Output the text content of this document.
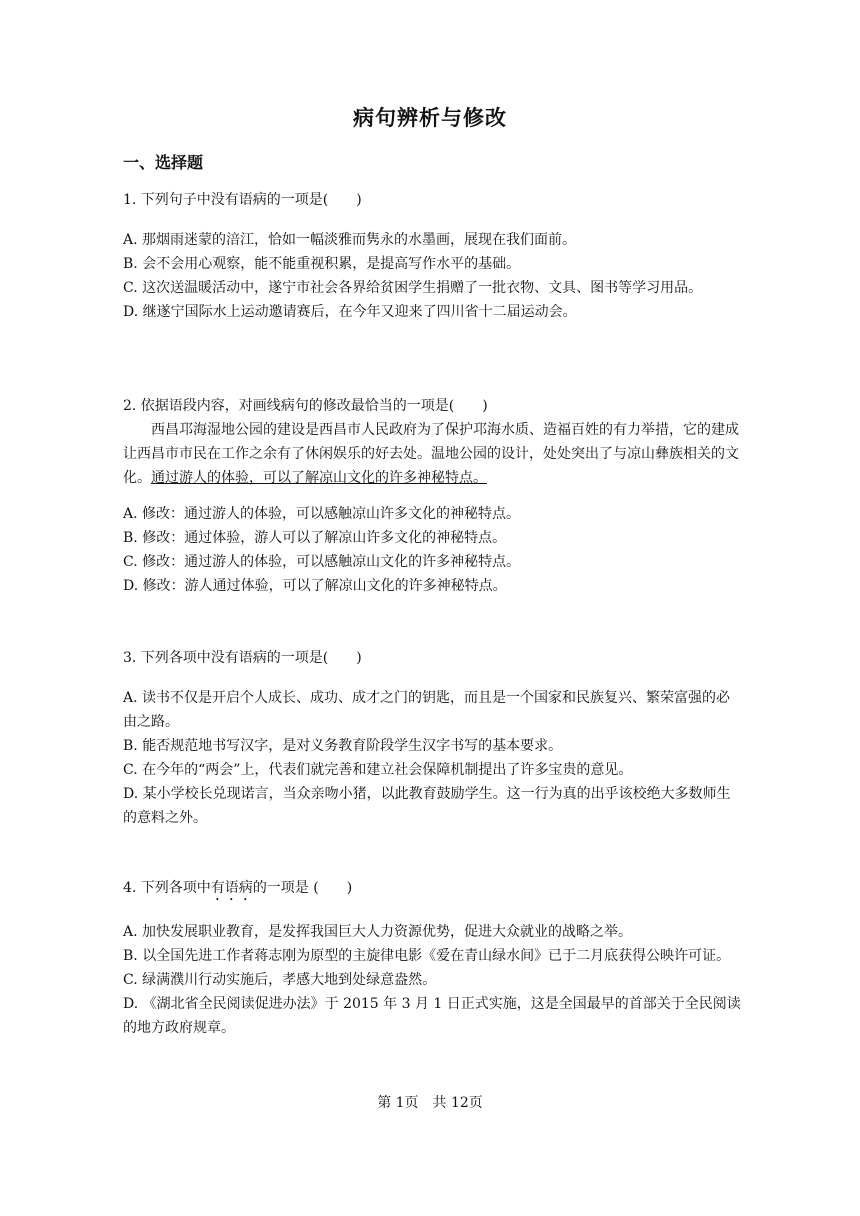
病句辨析与修改
一、选择题

1. 下列句子中没有语病的一项是(　　)

A. 那烟雨迷蒙的涪江，恰如一幅淡雅而隽永的水墨画，展现在我们面前。

B. 会不会用心观察，能不能重视积累，是提高写作水平的基础。

C. 这次送温暖活动中，遂宁市社会各界给贫困学生捐赠了一批衣物、文具、图书等学习用品。

D. 继遂宁国际水上运动邀请赛后，在今年又迎来了四川省十二届运动会。

2. 依据语段内容，对画线病句的修改最恰当的一项是(　　)

西昌邛海湿地公园的建设是西昌市人民政府为了保护邛海水质、造福百姓的有力举措，它的建成让西昌市市民在工作之余有了休闲娱乐的好去处。温地公园的设计，处处突出了与凉山彝族相关的文化。通过游人的体验，可以了解凉山文化的许多神秘特点。

A. 修改：通过游人的体验，可以感触凉山许多文化的神秘特点。

B. 修改：通过体验，游人可以了解凉山许多文化的神秘特点。

C. 修改：通过游人的体验，可以感触凉山文化的许多神秘特点。

D. 修改：游人通过体验，可以了解凉山文化的许多神秘特点。

3. 下列各项中没有语病的一项是(　　)

A. 读书不仅是开启个人成长、成功、成才之门的钥匙，而且是一个国家和民族复兴、繁荣富强的必由之路。

B. 能否规范地书写汉字，是对义务教育阶段学生汉字书写的基本要求。

C. 在今年的“两会”上，代表们就完善和建立社会保障机制提出了许多宝贵的意见。

D. 某小学校长兑现诺言，当众亲吻小猪，以此教育鼓励学生。这一行为真的出乎该校绝大多数师生的意料之外。

4. 下列各项中有语病的一项是 (　　)

A. 加快发展职业教育，是发挥我国巨大人力资源优势，促进大众就业的战略之举。

B. 以全国先进工作者蒋志刚为原型的主旋律电影《爱在青山绿水间》已于二月底获得公映许可证。

C. 绿满濮川行动实施后，孝感大地到处绿意盎然。

D. 《湖北省全民阅读促进办法》于 2015 年 3 月 1 日正式实施，这是全国最早的首部关于全民阅读的地方政府规章。

第 1页　共 12页
